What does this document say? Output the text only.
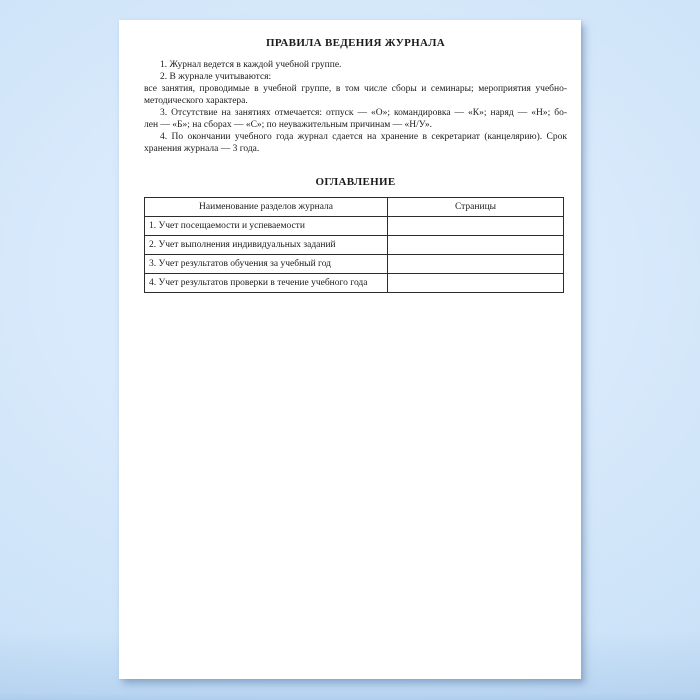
ПРАВИЛА ВЕДЕНИЯ ЖУРНАЛА
1. Журнал ведется в каждой учебной группе.
2. В журнале учитываются:
все занятия, проводимые в учебной группе, в том числе сборы и семинары; мероприятия учебно-
методического характера.
3. Отсутствие на занятиях отмечается: отпуск — «О»; командировка — «К»; наряд — «Н»; бо-
лен — «Б»; на сборах — «С»; по неуважительным причинам — «Н/У».
4. По окончании учебного года журнал сдается на хранение в секретариат (канцелярию). Срок
хранения журнала — 3 года.
ОГЛАВЛЕНИЕ
Наименование разделов журнала	Страницы
1. Учет посещаемости и успеваемости	
2. Учет выполнения индивидуальных заданий	
3. Учет результатов обучения за учебный год	
4. Учет результатов проверки в течение учебного года	
